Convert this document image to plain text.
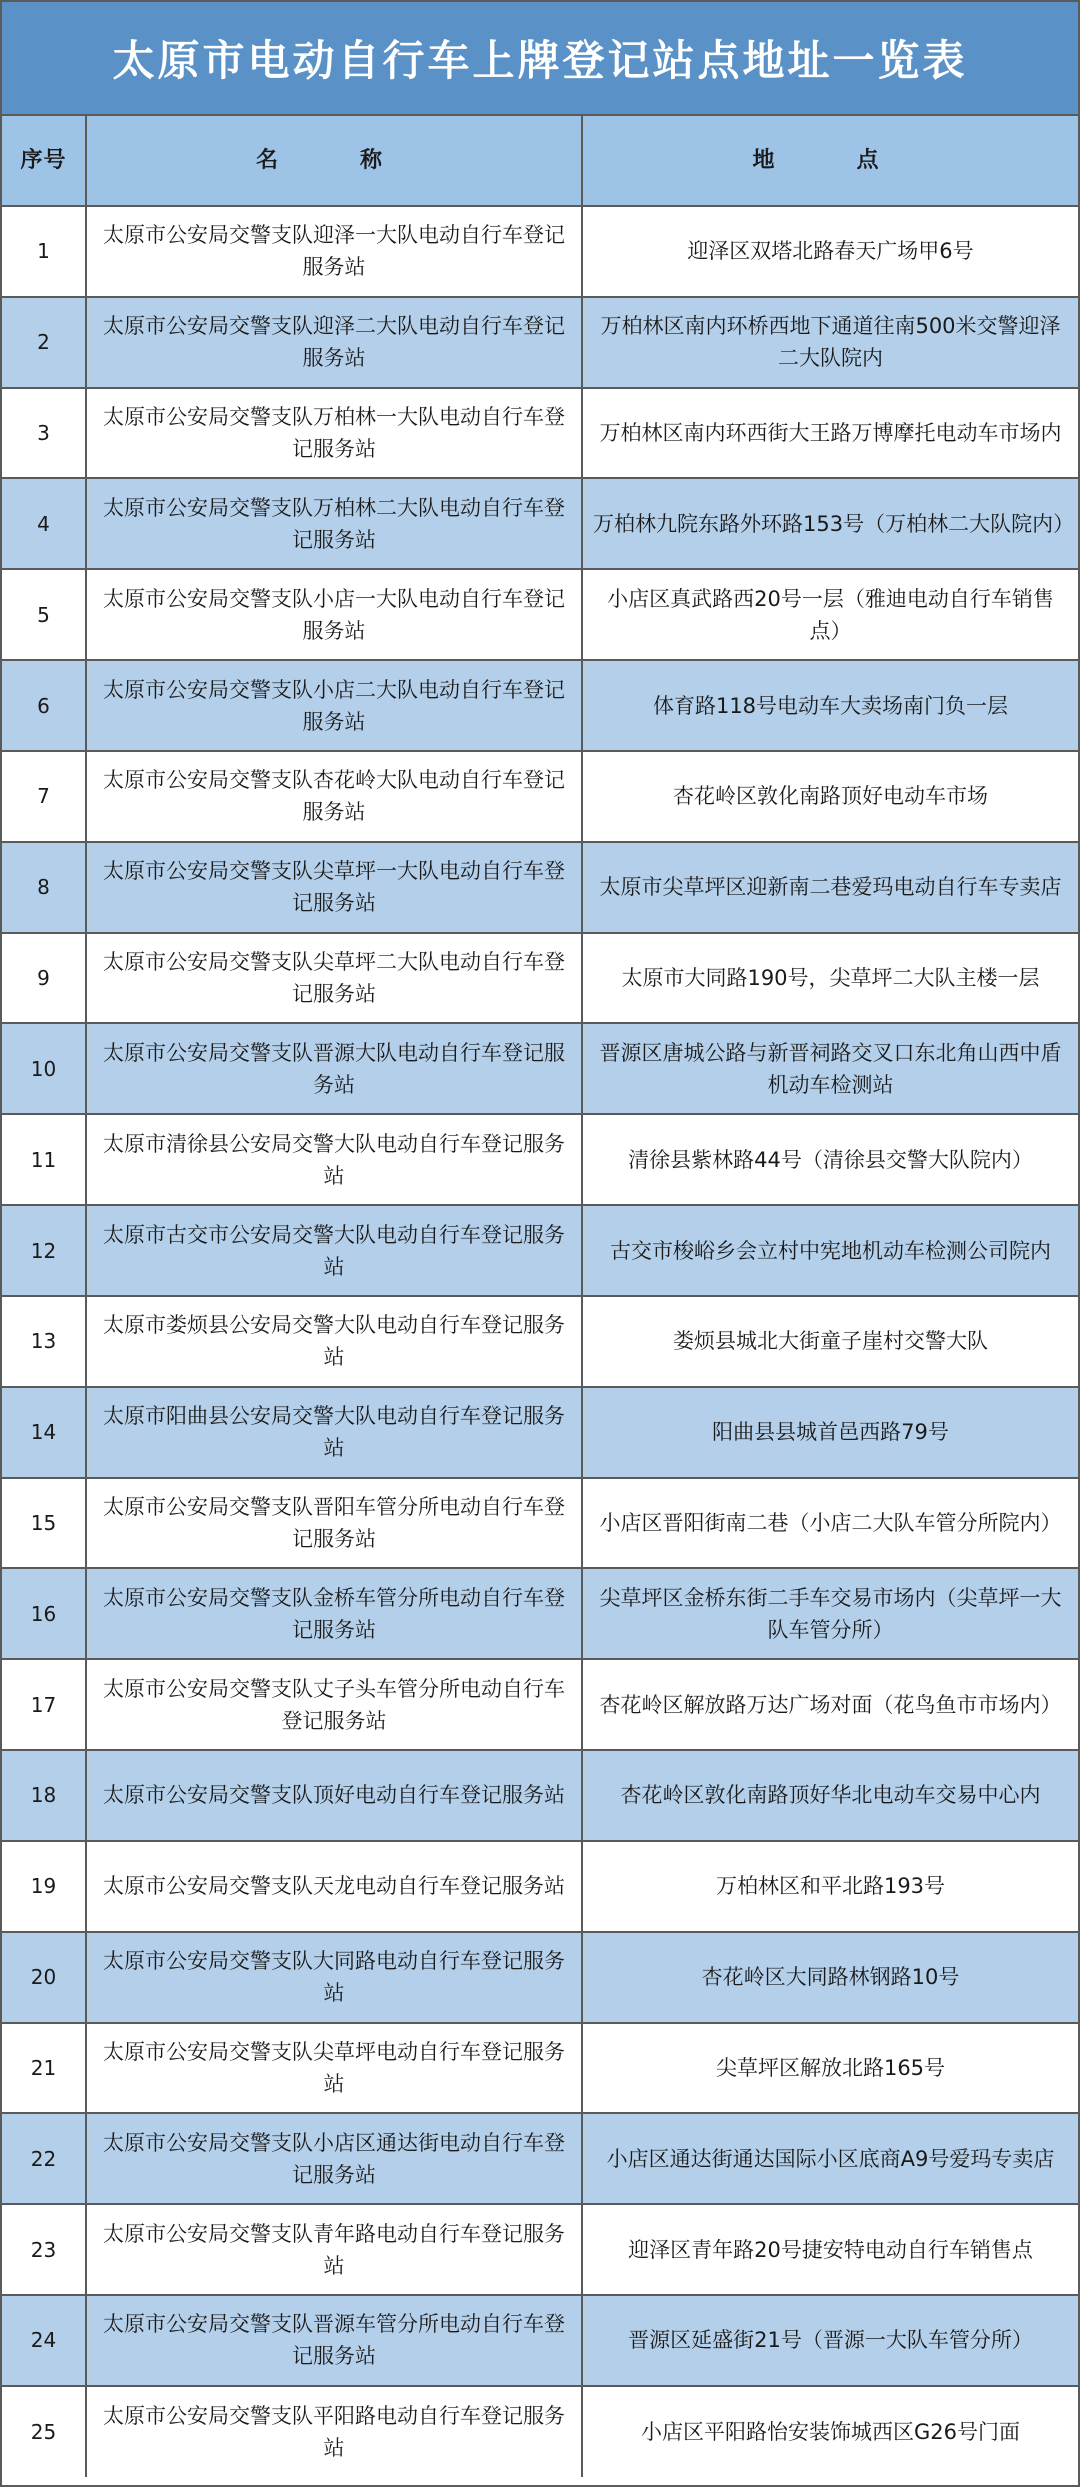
太原市电动自行车上牌登记站点地址一览表
序号	名　称	地　点
1	太原市公安局交警支队迎泽一大队电动自行车登记服务站	迎泽区双塔北路春天广场甲6号
2	太原市公安局交警支队迎泽二大队电动自行车登记服务站	万柏林区南内环桥西地下通道往南500米交警迎泽二大队院内
3	太原市公安局交警支队万柏林一大队电动自行车登记服务站	万柏林区南内环西街大王路万博摩托电动车市场内
4	太原市公安局交警支队万柏林二大队电动自行车登记服务站	万柏林九院东路外环路153号（万柏林二大队院内）
5	太原市公安局交警支队小店一大队电动自行车登记服务站	小店区真武路西20号一层（雅迪电动自行车销售点）
6	太原市公安局交警支队小店二大队电动自行车登记服务站	体育路118号电动车大卖场南门负一层
7	太原市公安局交警支队杏花岭大队电动自行车登记服务站	杏花岭区敦化南路顶好电动车市场
8	太原市公安局交警支队尖草坪一大队电动自行车登记服务站	太原市尖草坪区迎新南二巷爱玛电动自行车专卖店
9	太原市公安局交警支队尖草坪二大队电动自行车登记服务站	太原市大同路190号，尖草坪二大队主楼一层
10	太原市公安局交警支队晋源大队电动自行车登记服务站	晋源区唐城公路与新晋祠路交叉口东北角山西中盾机动车检测站
11	太原市清徐县公安局交警大队电动自行车登记服务站	清徐县紫林路44号（清徐县交警大队院内）
12	太原市古交市公安局交警大队电动自行车登记服务站	古交市梭峪乡会立村中宪地机动车检测公司院内
13	太原市娄烦县公安局交警大队电动自行车登记服务站	娄烦县城北大街童子崖村交警大队
14	太原市阳曲县公安局交警大队电动自行车登记服务站	阳曲县县城首邑西路79号
15	太原市公安局交警支队晋阳车管分所电动自行车登记服务站	小店区晋阳街南二巷（小店二大队车管分所院内）
16	太原市公安局交警支队金桥车管分所电动自行车登记服务站	尖草坪区金桥东街二手车交易市场内（尖草坪一大队车管分所）
17	太原市公安局交警支队丈子头车管分所电动自行车登记服务站	杏花岭区解放路万达广场对面（花鸟鱼市市场内）
18	太原市公安局交警支队顶好电动自行车登记服务站	杏花岭区敦化南路顶好华北电动车交易中心内
19	太原市公安局交警支队天龙电动自行车登记服务站	万柏林区和平北路193号
20	太原市公安局交警支队大同路电动自行车登记服务站	杏花岭区大同路林钢路10号
21	太原市公安局交警支队尖草坪电动自行车登记服务站	尖草坪区解放北路165号
22	太原市公安局交警支队小店区通达街电动自行车登记服务站	小店区通达街通达国际小区底商A9号爱玛专卖店
23	太原市公安局交警支队青年路电动自行车登记服务站	迎泽区青年路20号捷安特电动自行车销售点
24	太原市公安局交警支队晋源车管分所电动自行车登记服务站	晋源区延盛街21号（晋源一大队车管分所）
25	太原市公安局交警支队平阳路电动自行车登记服务站	小店区平阳路怡安装饰城西区G26号门面
